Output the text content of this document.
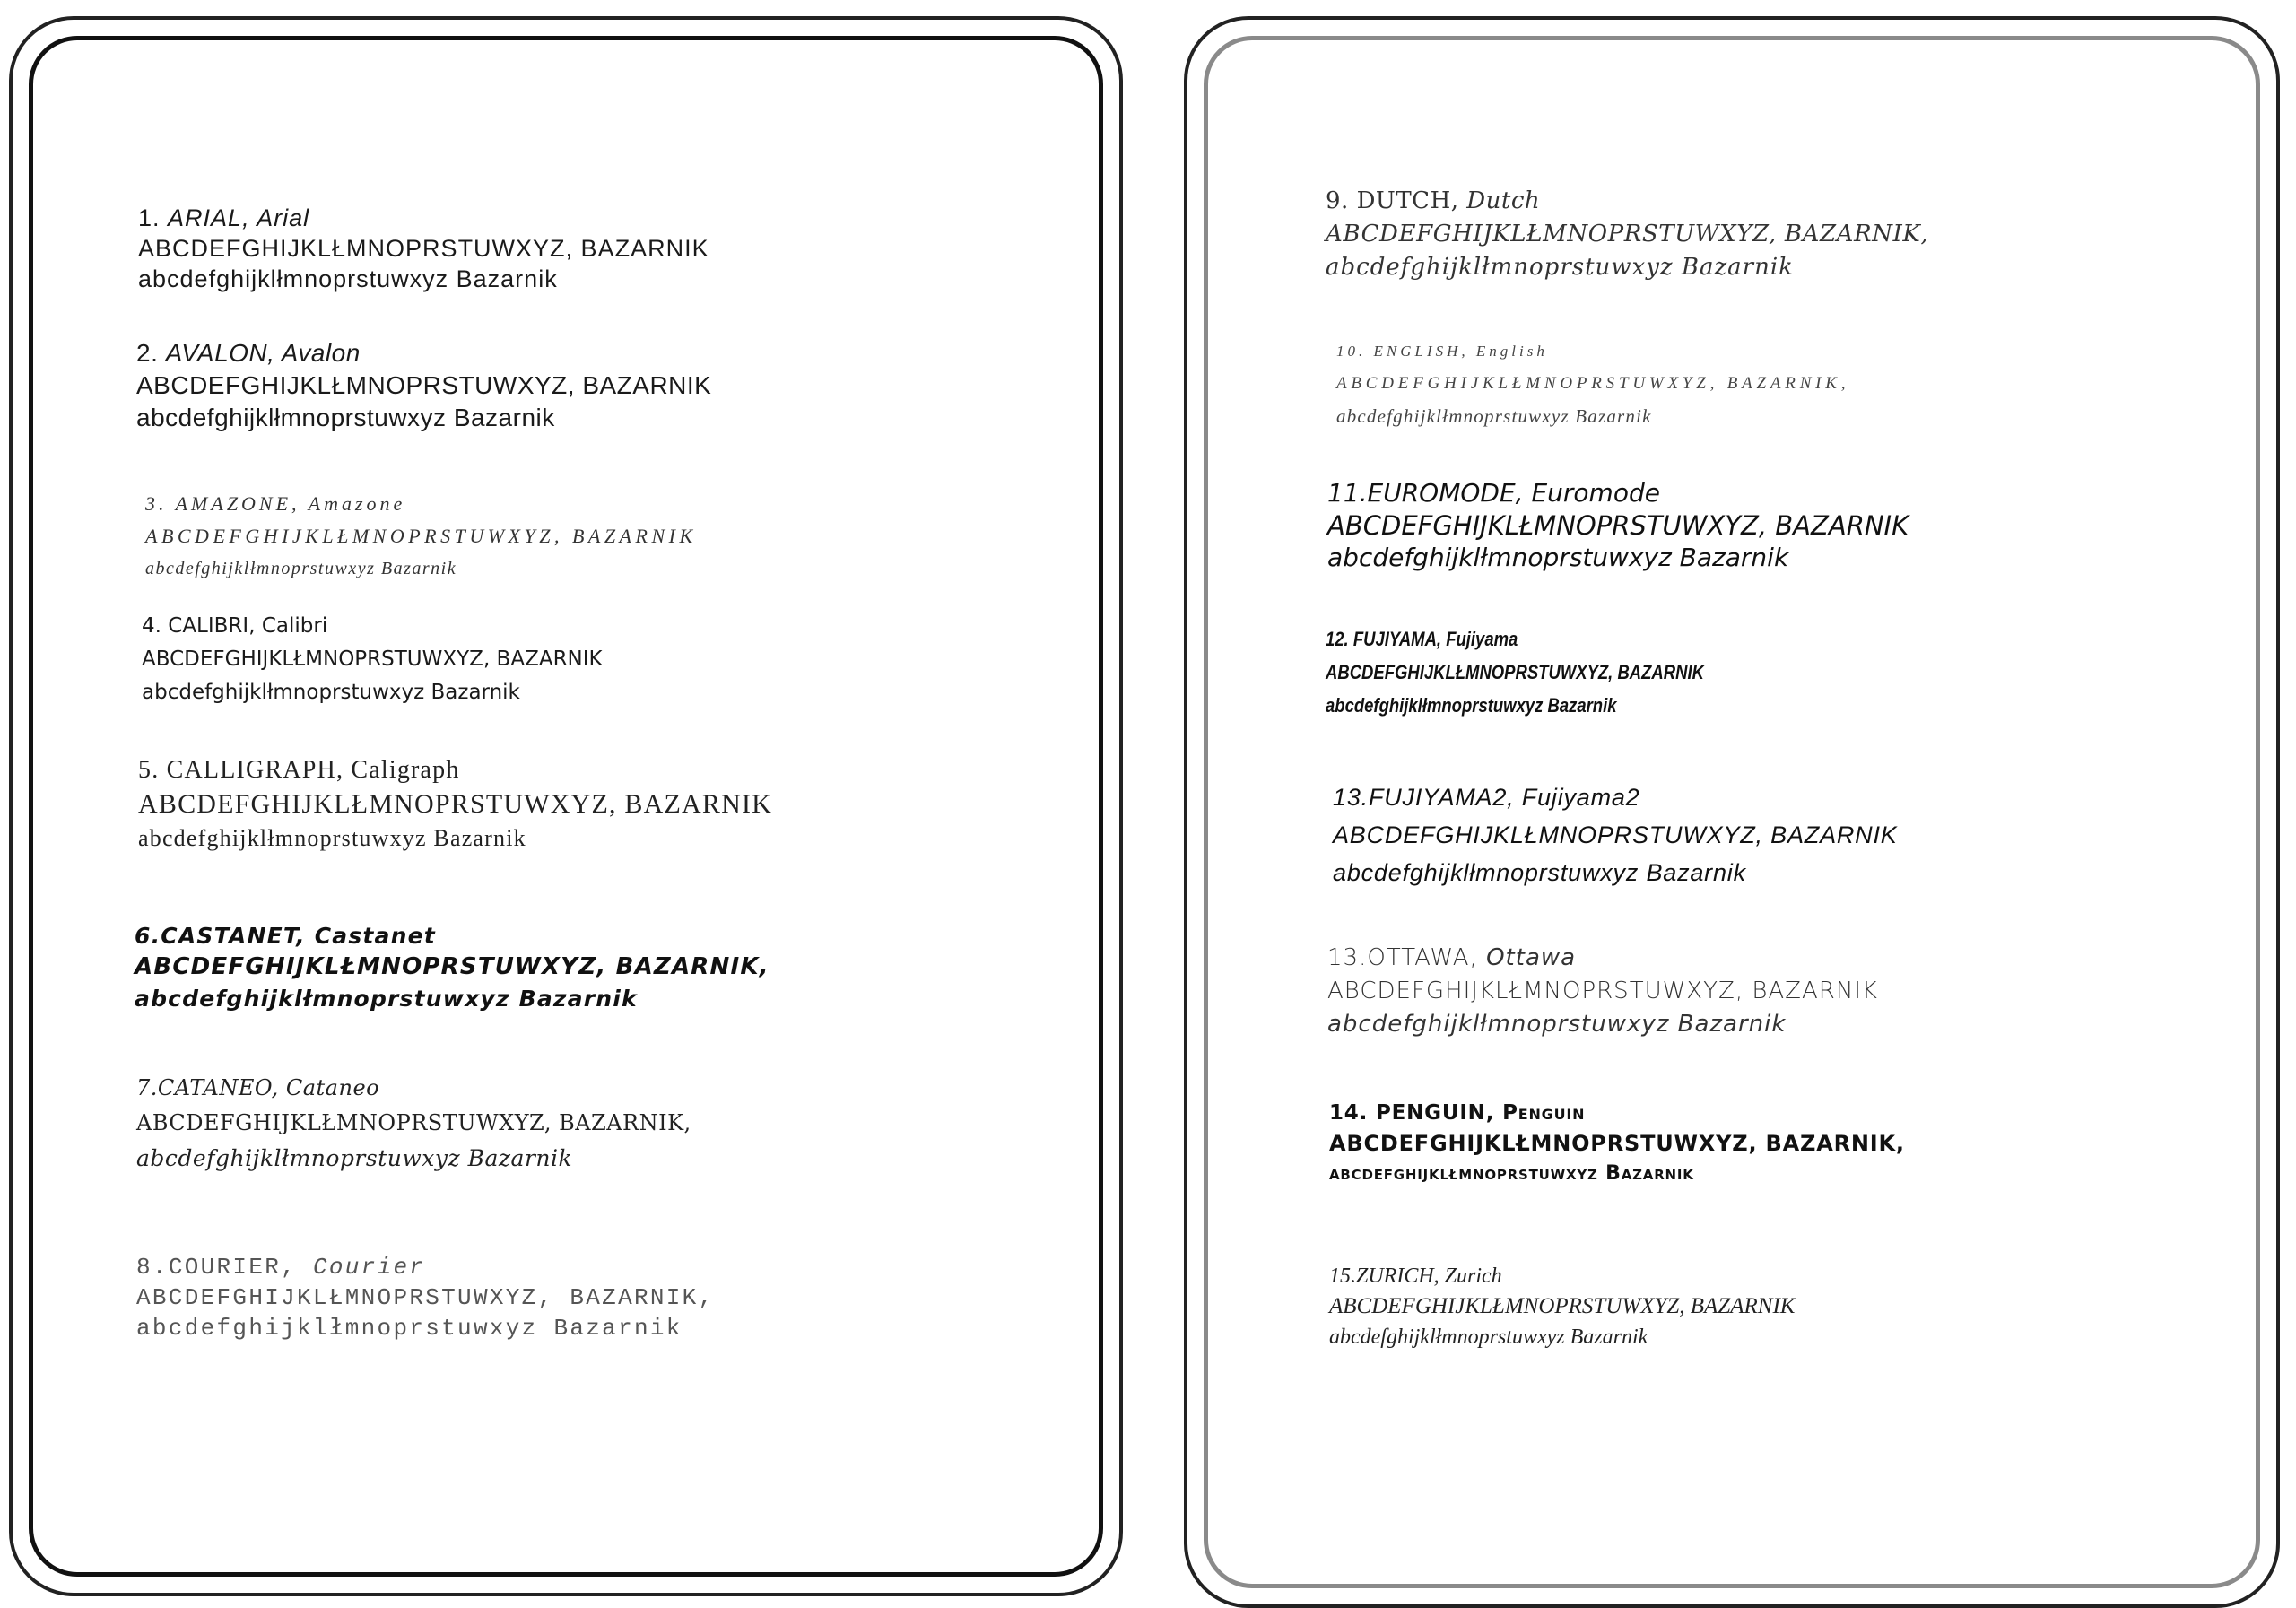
1. ARIAL, Arial
ABCDEFGHIJKLŁMNOPRSTUWXYZ, BAZARNIK
abcdefghijklłmnoprstuwxyz Bazarnik
2. AVALON, Avalon
ABCDEFGHIJKLŁMNOPRSTUWXYZ, BAZARNIK
abcdefghijklłmnoprstuwxyz Bazarnik
3. AMAZONE, Amazone
ABCDEFGHIJKLŁMNOPRSTUWXYZ, BAZARNIK
abcdefghijklłmnoprstuwxyz Bazarnik
4. CALIBRI, Calibri
ABCDEFGHIJKLŁMNOPRSTUWXYZ, BAZARNIK
abcdefghijklłmnoprstuwxyz Bazarnik
5. CALLIGRAPH, Caligraph
ABCDEFGHIJKLŁMNOPRSTUWXYZ, BAZARNIK
abcdefghijklłmnoprstuwxyz Bazarnik
6.CASTANET, Castanet
ABCDEFGHIJKLŁMNOPRSTUWXYZ, BAZARNIK,
abcdefghijklłmnoprstuwxyz Bazarnik
7.CATANEO, Cataneo
ABCDEFGHIJKLŁMNOPRSTUWXYZ, BAZARNIK,
abcdefghijklłmnoprstuwxyz Bazarnik
8.COURIER, Courier
ABCDEFGHIJKLŁMNOPRSTUWXYZ, BAZARNIK,
abcdefghijklłmnoprstuwxyz Bazarnik
9. DUTCH, Dutch
ABCDEFGHIJKLŁMNOPRSTUWXYZ, BAZARNIK,
abcdefghijklłmnoprstuwxyz Bazarnik
10. ENGLISH, English
ABCDEFGHIJKLŁMNOPRSTUWXYZ, BAZARNIK,
abcdefghijklłmnoprstuwxyz Bazarnik
11.EUROMODE, Euromode
ABCDEFGHIJKLŁMNOPRSTUWXYZ, BAZARNIK
abcdefghijklłmnoprstuwxyz Bazarnik
12. FUJIYAMA, Fujiyama
ABCDEFGHIJKLŁMNOPRSTUWXYZ, BAZARNIK
abcdefghijklłmnoprstuwxyz Bazarnik
13.FUJIYAMA2, Fujiyama2
ABCDEFGHIJKLŁMNOPRSTUWXYZ, BAZARNIK
abcdefghijklłmnoprstuwxyz Bazarnik
13.OTTAWA, Ottawa
ABCDEFGHIJKLŁMNOPRSTUWXYZ, BAZARNIK
abcdefghijklłmnoprstuwxyz Bazarnik
14. PENGUIN, Penguin
ABCDEFGHIJKLŁMNOPRSTUWXYZ, BAZARNIK,
abcdefghijklłmnoprstuwxyz Bazarnik
15.ZURICH, Zurich
ABCDEFGHIJKLŁMNOPRSTUWXYZ, BAZARNIK
abcdefghijklłmnoprstuwxyz Bazarnik
